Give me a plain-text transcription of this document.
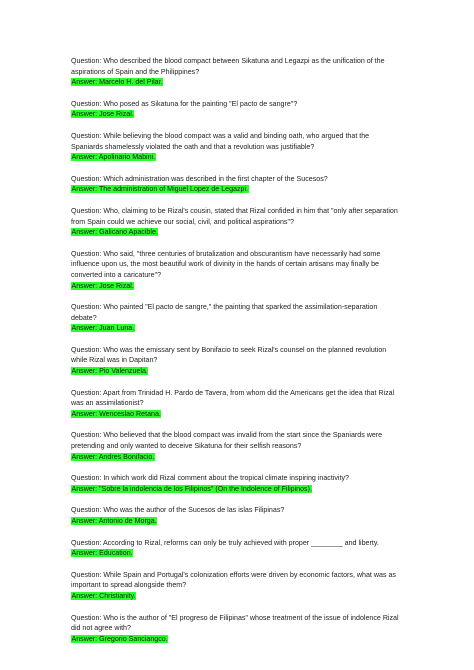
Question: Who described the blood compact between Sikatuna and Legazpi as the unification of the aspirations of Spain and the Philippines?
Answer: Marcelo H. del Pilar.
Question: Who posed as Sikatuna for the painting "El pacto de sangre"?
Answer: Jose Rizal.
Question: While believing the blood compact was a valid and binding oath, who argued that the Spaniards shamelessly violated the oath and that a revolution was justifiable?
Answer: Apolinario Mabini.
Question: Which administration was described in the first chapter of the Sucesos?
Answer: The administration of Miguel Lopez de Legazpi.
Question: Who, claiming to be Rizal's cousin, stated that Rizal confided in him that "only after separation from Spain could we achieve our social, civil, and political aspirations"?
Answer: Galicano Apacible.
Question: Who said, "three centuries of brutalization and obscurantism have necessarily had some influence upon us, the most beautiful work of divinity in the hands of certain artisans may finally be converted into a caricature"?
Answer: Jose Rizal.
Question: Who painted "El pacto de sangre," the painting that sparked the assimilation-separation debate?
Answer: Juan Luna.
Question: Who was the emissary sent by Bonifacio to seek Rizal's counsel on the planned revolution while Rizal was in Dapitan?
Answer: Pio Valenzuela.
Question: Apart from Trinidad H. Pardo de Tavera, from whom did the Americans get the idea that Rizal was an assimilationist?
Answer: Wenceslao Retana.
Question: Who believed that the blood compact was invalid from the start since the Spaniards were pretending and only wanted to deceive Sikatuna for their selfish reasons?
Answer: Andres Bonifacio.
Question: In which work did Rizal comment about the tropical climate inspiring inactivity?
Answer: "Sobre la indolencia de los Filipinos" (On the Indolence of Filipinos).
Question: Who was the author of the Sucesos de las islas Filipinas?
Answer: Antonio de Morga.
Question: According to Rizal, reforms can only be truly achieved with proper ________ and liberty.
Answer: Education.
Question: While Spain and Portugal's colonization efforts were driven by economic factors, what was as important to spread alongside them?
Answer: Christianity.
Question: Who is the author of "El progreso de Filipinas" whose treatment of the issue of indolence Rizal did not agree with?
Answer: Gregorio Sanciangco.
